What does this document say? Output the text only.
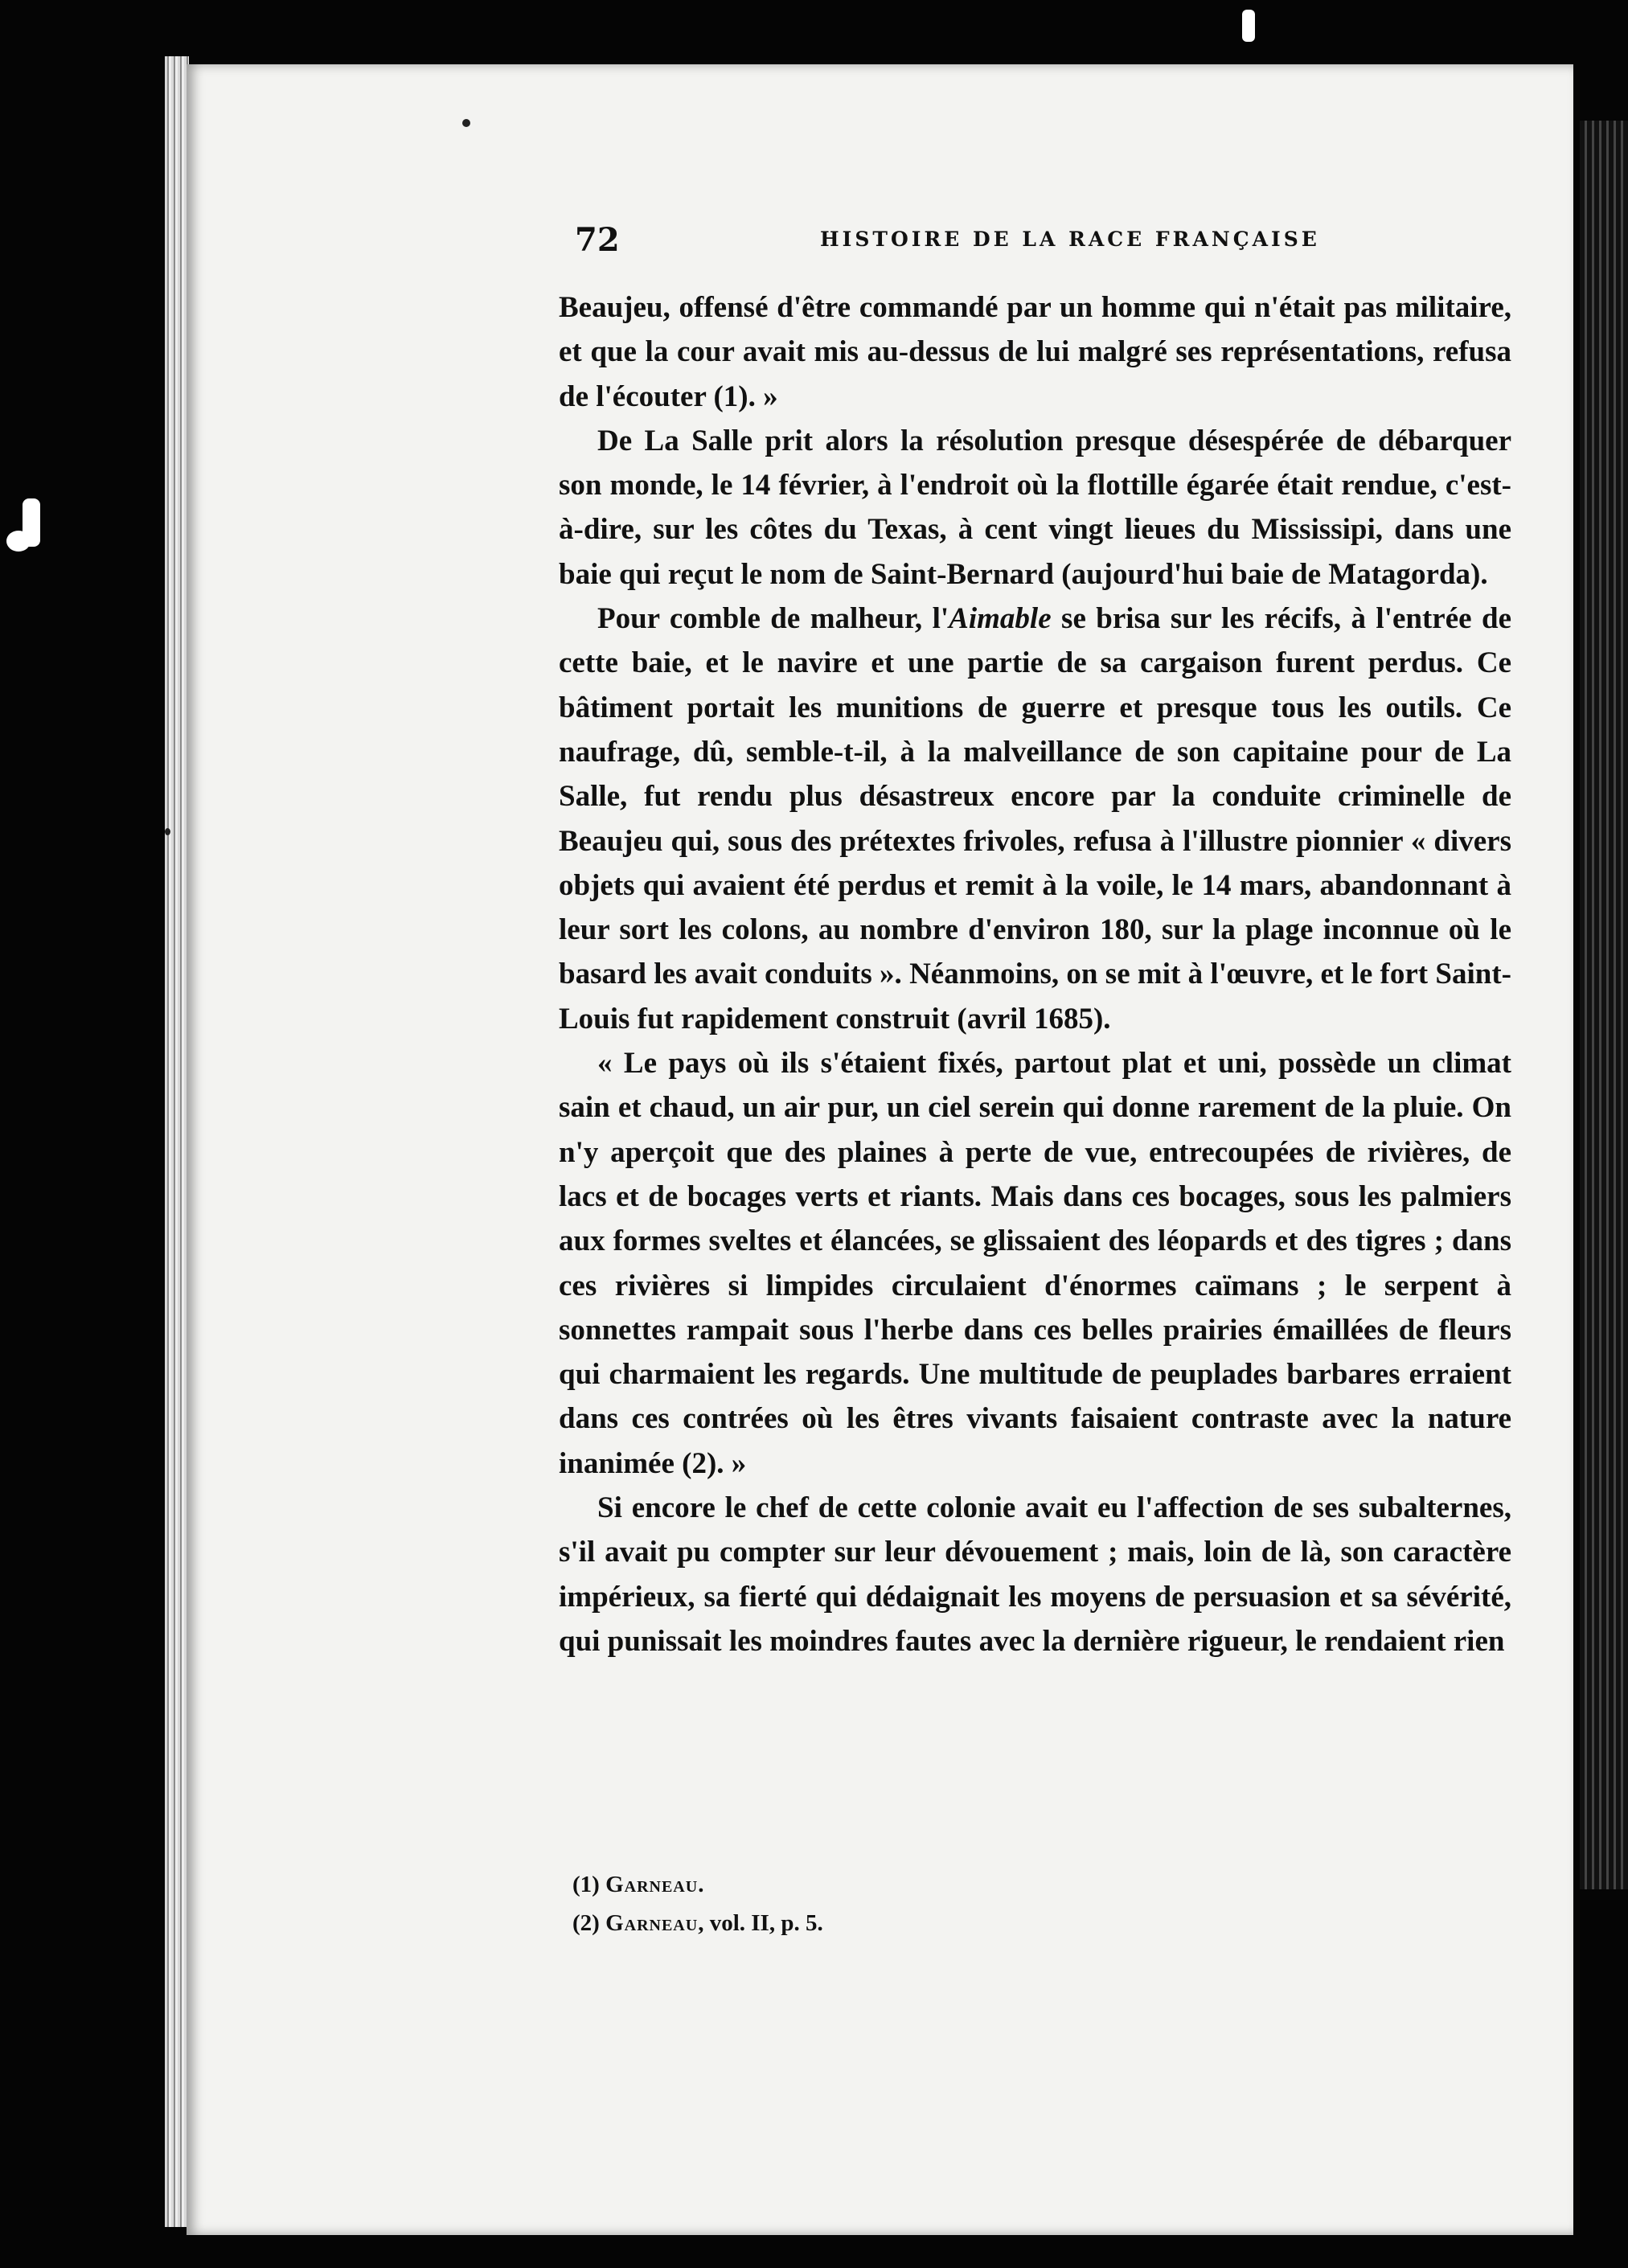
72	HISTOIRE DE LA RACE FRANÇAISE

Beaujeu, offensé d'être commandé par un homme qui n'était pas militaire, et que la cour avait mis au-dessus de lui malgré ses représentations, refusa de l'écouter (1). »

De La Salle prit alors la résolution presque désespérée de débarquer son monde, le 14 février, à l'endroit où la flottille égarée était rendue, c'est-à-dire, sur les côtes du Texas, à cent vingt lieues du Mississipi, dans une baie qui reçut le nom de Saint-Bernard (aujourd'hui baie de Matagorda).

Pour comble de malheur, l'Aimable se brisa sur les récifs, à l'entrée de cette baie, et le navire et une partie de sa cargaison furent perdus. Ce bâtiment portait les munitions de guerre et presque tous les outils. Ce naufrage, dû, semble-t-il, à la malveillance de son capitaine pour de La Salle, fut rendu plus désastreux encore par la conduite criminelle de Beaujeu qui, sous des prétextes frivoles, refusa à l'illustre pionnier « divers objets qui avaient été perdus et remit à la voile, le 14 mars, abandonnant à leur sort les colons, au nombre d'environ 180, sur la plage inconnue où le basard les avait conduits ». Néanmoins, on se mit à l'œuvre, et le fort Saint-Louis fut rapidement construit (avril 1685).

« Le pays où ils s'étaient fixés, partout plat et uni, possède un climat sain et chaud, un air pur, un ciel serein qui donne rarement de la pluie. On n'y aperçoit que des plaines à perte de vue, entrecoupées de rivières, de lacs et de bocages verts et riants. Mais dans ces bocages, sous les palmiers aux formes sveltes et élancées, se glissaient des léopards et des tigres ; dans ces rivières si limpides circulaient d'énormes caïmans ; le serpent à sonnettes rampait sous l'herbe dans ces belles prairies émaillées de fleurs qui charmaient les regards. Une multitude de peuplades barbares erraient dans ces contrées où les êtres vivants faisaient contraste avec la nature inanimée (2). »

Si encore le chef de cette colonie avait eu l'affection de ses subalternes, s'il avait pu compter sur leur dévouement ; mais, loin de là, son caractère impérieux, sa fierté qui dédaignait les moyens de persuasion et sa sévérité, qui punissait les moindres fautes avec la dernière rigueur, le rendaient rien

(1) Garneau.
(2) Garneau, vol. II, p. 5.
